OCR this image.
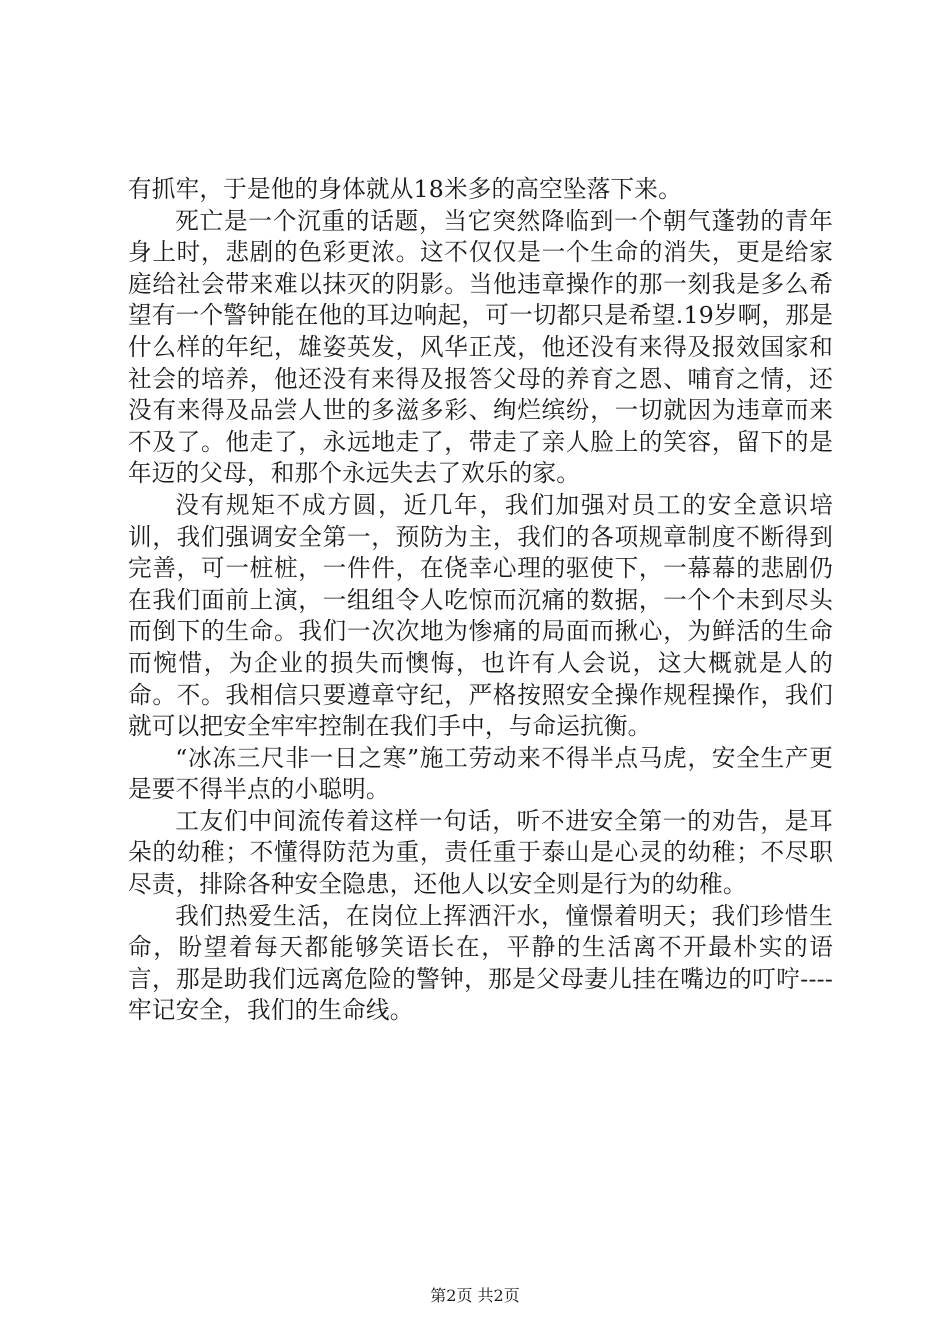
有抓牢，于是他的身体就从18米多的高空坠落下来。

死亡是一个沉重的话题，当它突然降临到一个朝气蓬勃的青年身上时，悲剧的色彩更浓。这不仅仅是一个生命的消失，更是给家庭给社会带来难以抹灭的阴影。当他违章操作的那一刻我是多么希望有一个警钟能在他的耳边响起，可一切都只是希望.19岁啊，那是什么样的年纪，雄姿英发，风华正茂，他还没有来得及报效国家和社会的培养，他还没有来得及报答父母的养育之恩、哺育之情，还没有来得及品尝人世的多滋多彩、绚烂缤纷，一切就因为违章而来不及了。他走了，永远地走了，带走了亲人脸上的笑容，留下的是年迈的父母，和那个永远失去了欢乐的家。

没有规矩不成方圆，近几年，我们加强对员工的安全意识培训，我们强调安全第一，预防为主，我们的各项规章制度不断得到完善，可一桩桩，一件件，在侥幸心理的驱使下，一幕幕的悲剧仍在我们面前上演，一组组令人吃惊而沉痛的数据，一个个未到尽头而倒下的生命。我们一次次地为惨痛的局面而揪心，为鲜活的生命而惋惜，为企业的损失而懊悔，也许有人会说，这大概就是人的命。不。我相信只要遵章守纪，严格按照安全操作规程操作，我们就可以把安全牢牢控制在我们手中，与命运抗衡。

“冰冻三尺非一日之寒”施工劳动来不得半点马虎，安全生产更是要不得半点的小聪明。

工友们中间流传着这样一句话，听不进安全第一的劝告，是耳朵的幼稚；不懂得防范为重，责任重于泰山是心灵的幼稚；不尽职尽责，排除各种安全隐患，还他人以安全则是行为的幼稚。

我们热爱生活，在岗位上挥洒汗水，憧憬着明天；我们珍惜生命，盼望着每天都能够笑语长在，平静的生活离不开最朴实的语言，那是助我们远离危险的警钟，那是父母妻儿挂在嘴边的叮咛----牢记安全，我们的生命线。

第2页 共2页
